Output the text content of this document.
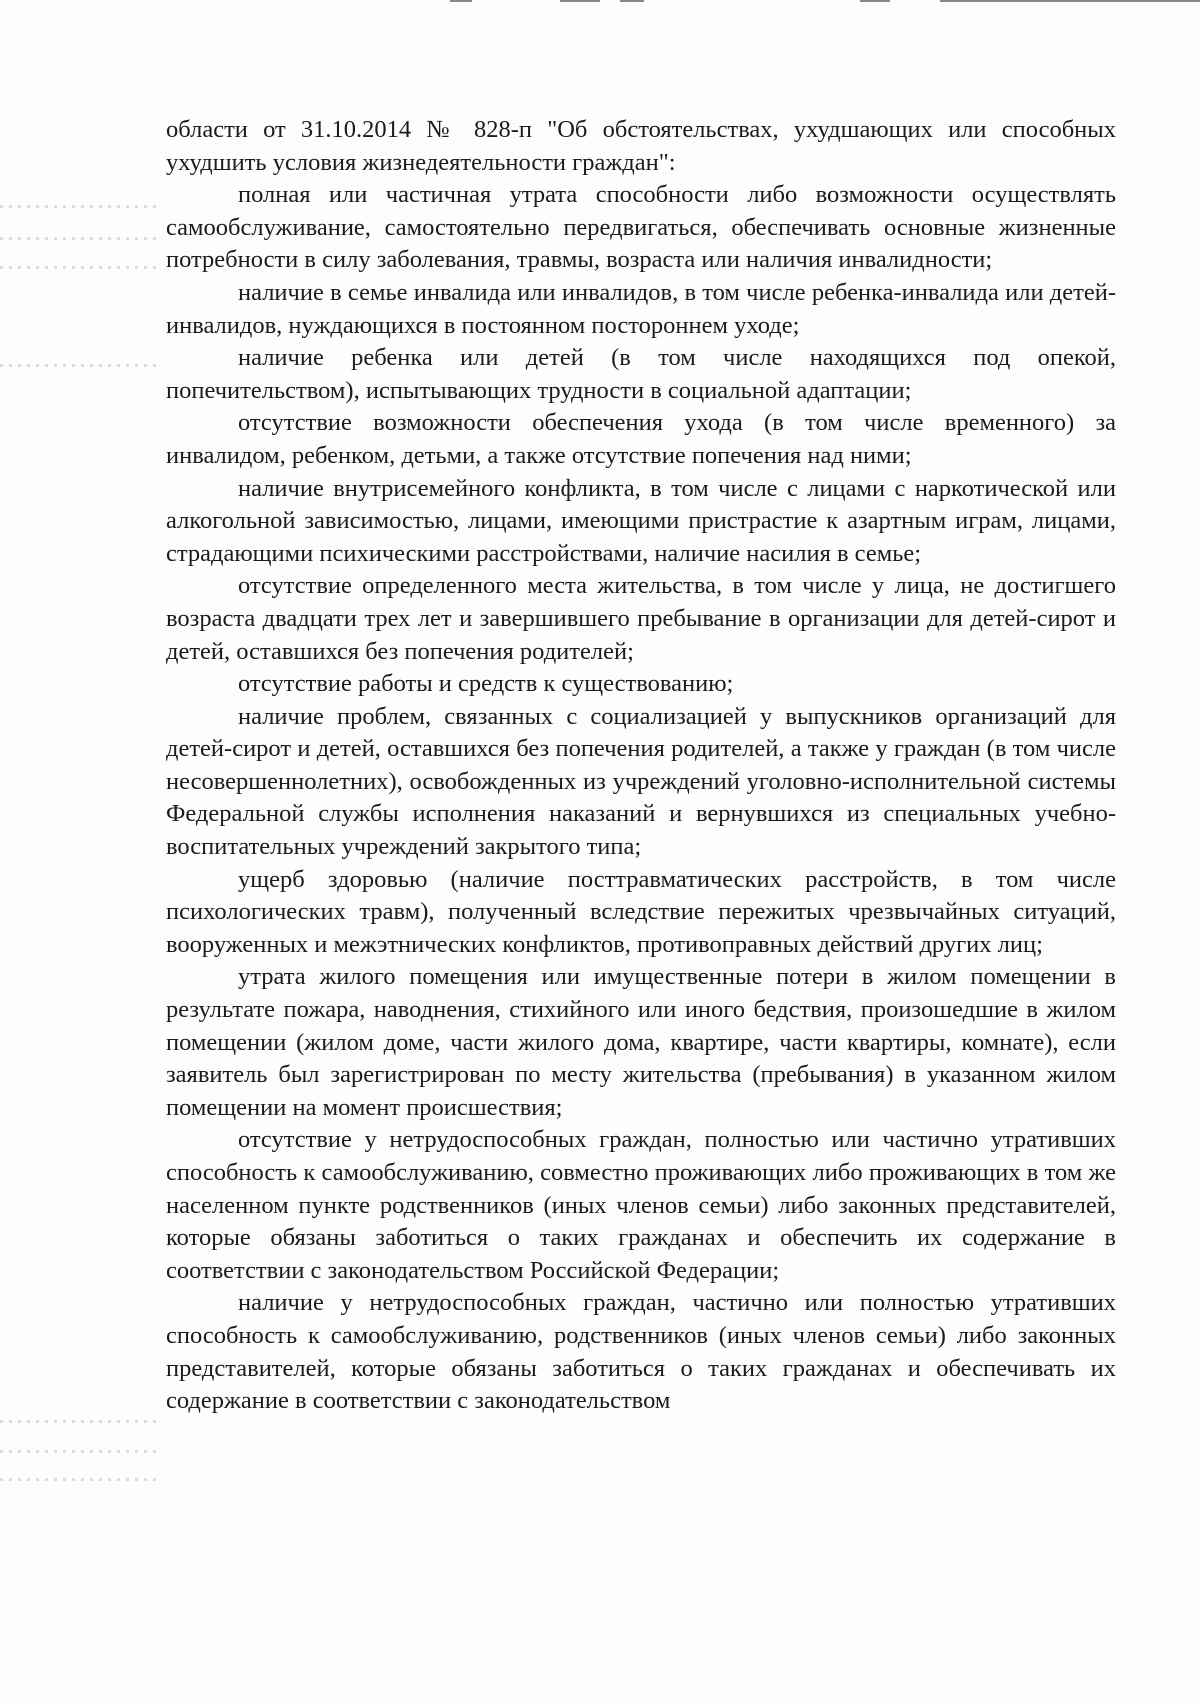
области от 31.10.2014 № 828-п "Об обстоятельствах, ухудшающих или способных ухудшить условия жизнедеятельности граждан":

полная или частичная утрата способности либо возможности осуществлять самообслуживание, самостоятельно передвигаться, обеспечивать основные жизненные потребности в силу заболевания, травмы, возраста или наличия инвалидности;

наличие в семье инвалида или инвалидов, в том числе ребенка-инвалида или детей-инвалидов, нуждающихся в постоянном постороннем уходе;

наличие ребенка или детей (в том числе находящихся под опекой, попечительством), испытывающих трудности в социальной адаптации;

отсутствие возможности обеспечения ухода (в том числе временного) за инвалидом, ребенком, детьми, а также отсутствие попечения над ними;

наличие внутрисемейного конфликта, в том числе с лицами с наркотической или алкогольной зависимостью, лицами, имеющими пристрастие к азартным играм, лицами, страдающими психическими расстройствами, наличие насилия в семье;

отсутствие определенного места жительства, в том числе у лица, не достигшего возраста двадцати трех лет и завершившего пребывание в организации для детей-сирот и детей, оставшихся без попечения родителей;

отсутствие работы и средств к существованию;

наличие проблем, связанных с социализацией у выпускников организаций для детей-сирот и детей, оставшихся без попечения родителей, а также у граждан (в том числе несовершеннолетних), освобожденных из учреждений уголовно-исполнительной системы Федеральной службы исполнения наказаний и вернувшихся из специальных учебно-воспитательных учреждений закрытого типа;

ущерб здоровью (наличие посттравматических расстройств, в том числе психологических травм), полученный вследствие пережитых чрезвычайных ситуаций, вооруженных и межэтнических конфликтов, противоправных действий других лиц;

утрата жилого помещения или имущественные потери в жилом помещении в результате пожара, наводнения, стихийного или иного бедствия, произошедшие в жилом помещении (жилом доме, части жилого дома, квартире, части квартиры, комнате), если заявитель был зарегистрирован по месту жительства (пребывания) в указанном жилом помещении на момент происшествия;

отсутствие у нетрудоспособных граждан, полностью или частично утративших способность к самообслуживанию, совместно проживающих либо проживающих в том же населенном пункте родственников (иных членов семьи) либо законных представителей, которые обязаны заботиться о таких гражданах и обеспечить их содержание в соответствии с законодательством Российской Федерации;

наличие у нетрудоспособных граждан, частично или полностью утративших способность к самообслуживанию, родственников (иных членов семьи) либо законных представителей, которые обязаны заботиться о таких гражданах и обеспечивать их содержание в соответствии с законодательством
